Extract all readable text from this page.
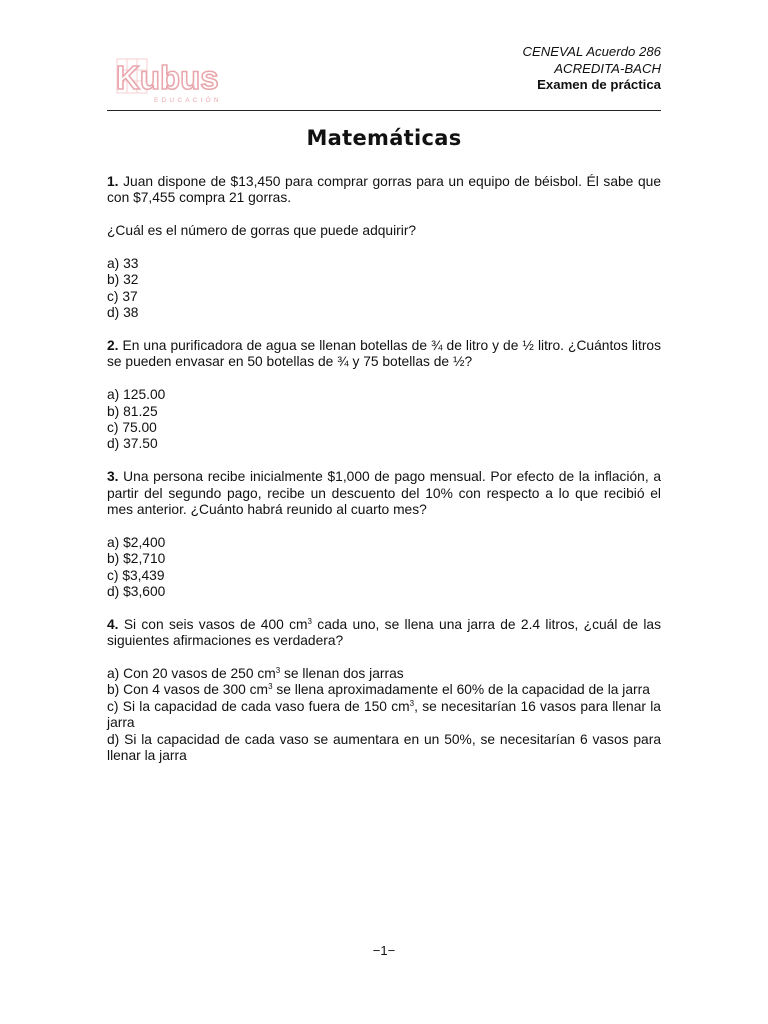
Kubus
EDUCACIÓN
CENEVAL Acuerdo 286
ACREDITA-BACH
Examen de práctica
Matemáticas
1. Juan dispone de $13,450 para comprar gorras para un equipo de béisbol. Él sabe que con $7,455 compra 21 gorras.
¿Cuál es el número de gorras que puede adquirir?
a) 33
b) 32
c) 37
d) 38
2. En una purificadora de agua se llenan botellas de ¾ de litro y de ½ litro. ¿Cuántos litros se pueden envasar en 50 botellas de ¾ y 75 botellas de ½?
a) 125.00
b) 81.25
c) 75.00
d) 37.50
3. Una persona recibe inicialmente $1,000 de pago mensual. Por efecto de la inflación, a partir del segundo pago, recibe un descuento del 10% con respecto a lo que recibió el mes anterior. ¿Cuánto habrá reunido al cuarto mes?
a) $2,400
b) $2,710
c) $3,439
d) $3,600
4. Si con seis vasos de 400 $cm^3$ cada uno, se llena una jarra de 2.4 litros, ¿cuál de las siguientes afirmaciones es verdadera?
a) Con 20 vasos de 250 $cm^3$ se llenan dos jarras
b) Con 4 vasos de 300 $cm^3$ se llena aproximadamente el 60% de la capacidad de la jarra
c) Si la capacidad de cada vaso fuera de 150 $cm^3$, se necesitarían 16 vasos para llenar la jarra
d) Si la capacidad de cada vaso se aumentara en un 50%, se necesitarían 6 vasos para llenar la jarra
−1−
